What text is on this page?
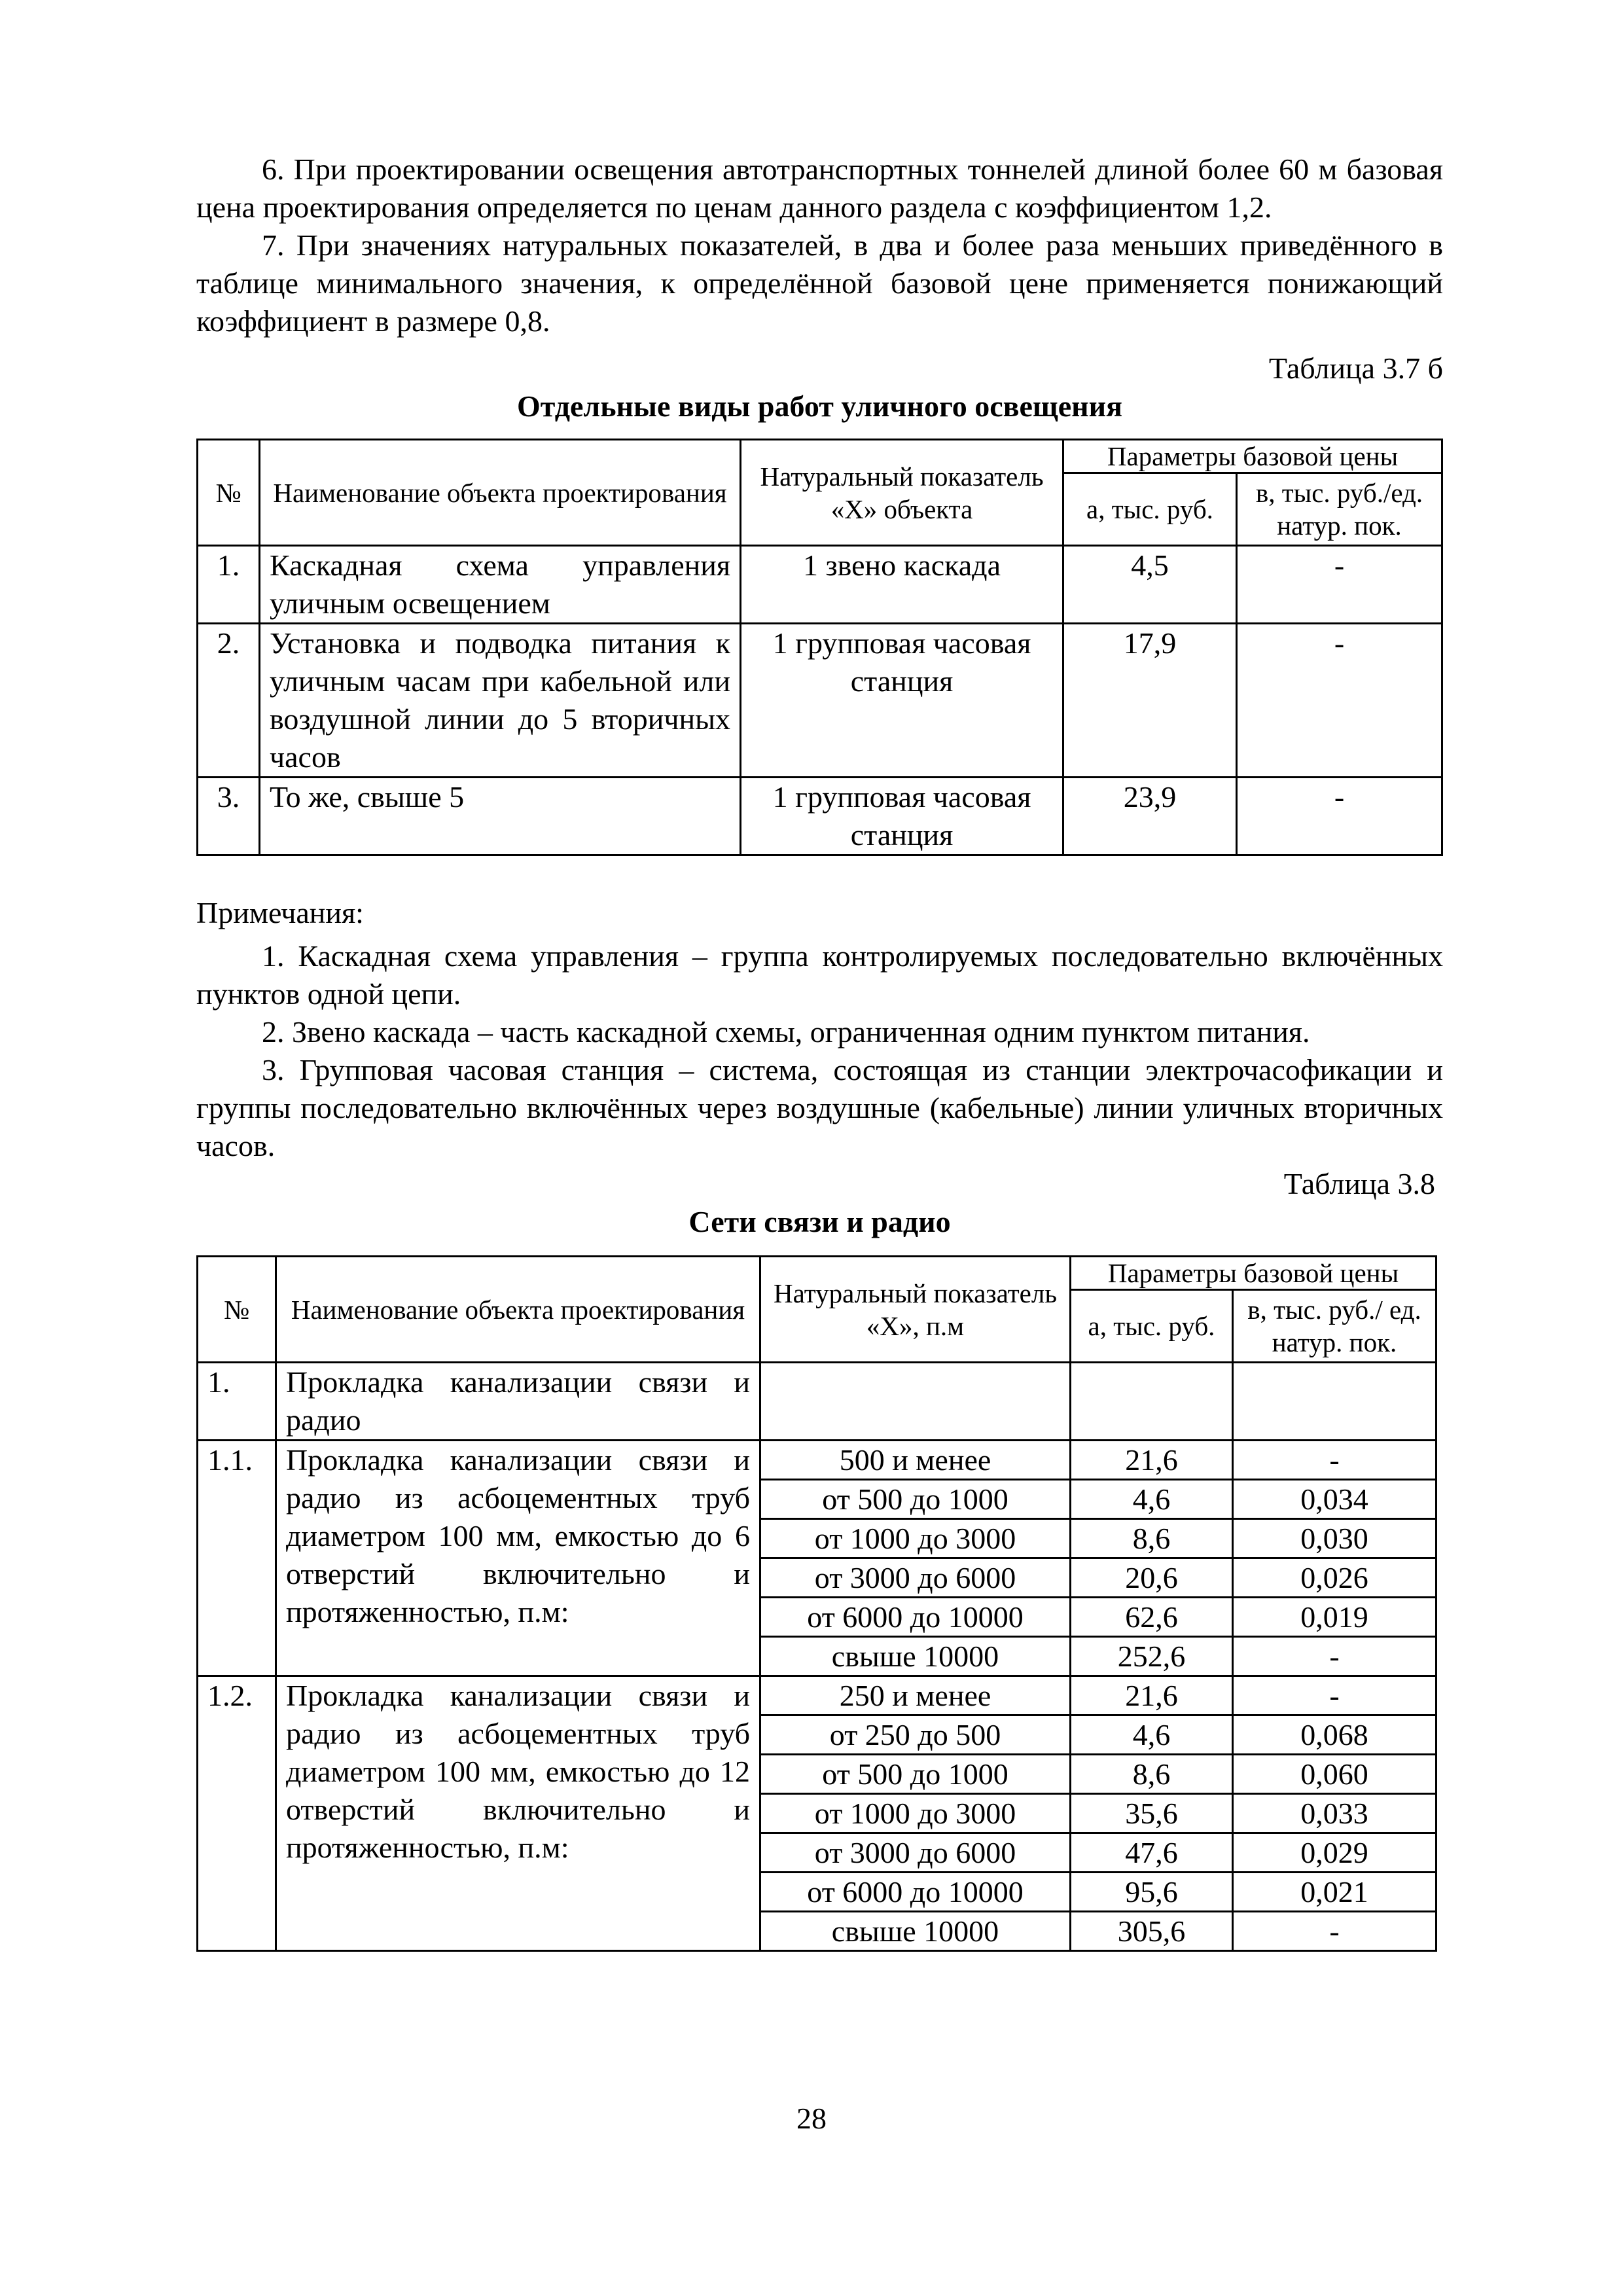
6. При проектировании освещения автотранспортных тоннелей длиной более 60 м базовая цена проектирования определяется по ценам данного раздела с коэффициентом 1,2.

7. При значениях натуральных показателей, в два и более раза меньших приведённого в таблице минимального значения, к определённой базовой цене применяется понижающий коэффициент в размере 0,8.

Таблица 3.7 б

Отдельные виды работ уличного освещения

№	Наименование объекта проектирования	Натуральный показатель «Х» объекта	Параметры базовой цены	
			а, тыс. руб.	в, тыс. руб./ед. натур. пок.
1.	Каскадная схема управления уличным освещением	1 звено каскада	4,5	-
2.	Установка и подводка питания к уличным часам при кабельной или воздушной линии до 5 вторичных часов	1 групповая часовая станция	17,9	-
3.	То же, свыше 5	1 групповая часовая станция	23,9	-

Примечания:

1. Каскадная схема управления – группа контролируемых последовательно включённых пунктов одной цепи.

2. Звено каскада – часть каскадной схемы, ограниченная одним пунктом питания.

3. Групповая часовая станция – система, состоящая из станции электрочасофикации и группы последовательно включённых через воздушные (кабельные) линии уличных вторичных часов.

Таблица 3.8

Сети связи и радио

№	Наименование объекта проектирования	Натуральный показатель «Х», п.м	Параметры базовой цены	
			а, тыс. руб.	в, тыс. руб./ ед. натур. пок.
1.	Прокладка канализации связи и радио			
1.1.	Прокладка канализации связи и радио из асбоцементных труб диаметром 100 мм, емкостью до 6 отверстий включительно и протяженностью, п.м:	500 и менее	21,6	-
		от 500 до 1000	4,6	0,034
		от 1000 до 3000	8,6	0,030
		от 3000 до 6000	20,6	0,026
		от 6000 до 10000	62,6	0,019
		свыше 10000	252,6	-
1.2.	Прокладка канализации связи и радио из асбоцементных труб диаметром 100 мм, емкостью до 12 отверстий включительно и протяженностью, п.м:	250 и менее	21,6	-
		от 250 до 500	4,6	0,068
		от 500 до 1000	8,6	0,060
		от 1000 до 3000	35,6	0,033
		от 3000 до 6000	47,6	0,029
		от 6000 до 10000	95,6	0,021
		свыше 10000	305,6	-
28
